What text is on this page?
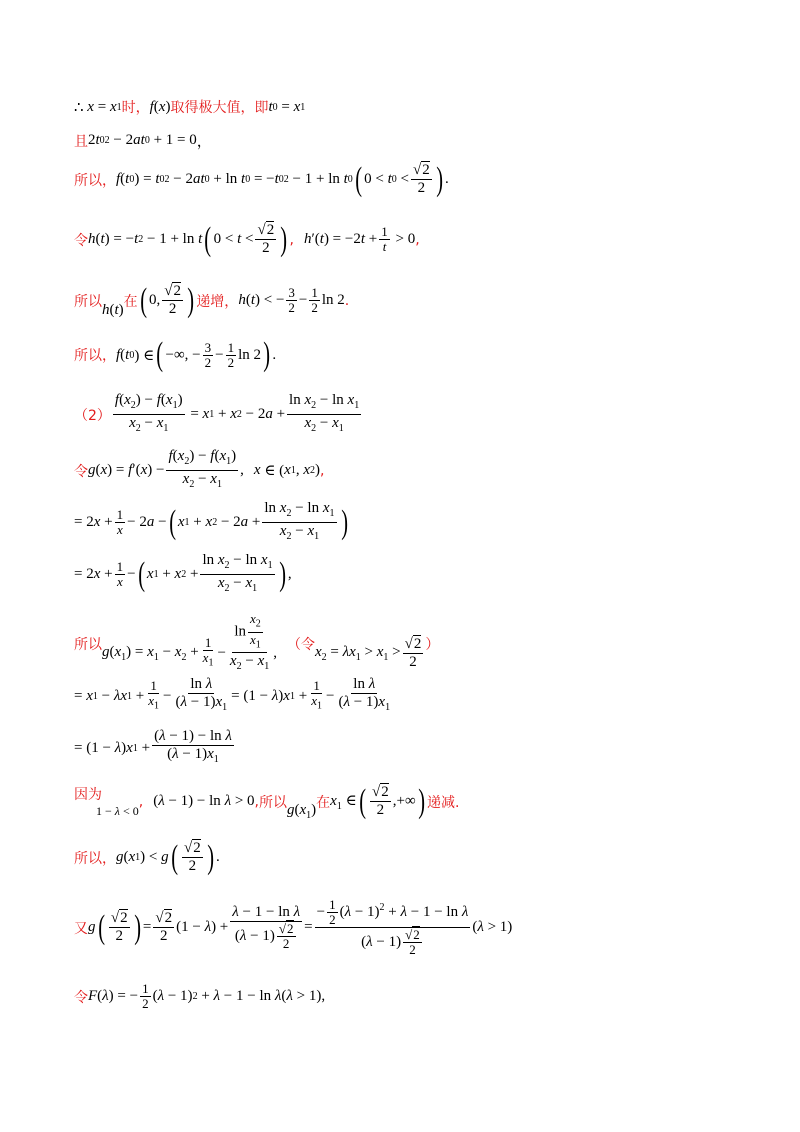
∴ x = x 1 时， f ( x ) 取得极大值，即 t 0 = x 1
且 2 t 0 2 − 2 at 0 + 1 = 0 ，
所以， f ( t 0 ) = t 0 2 − 2 at 0 + ln t 0 = − t 0 2 − 1 + ln t 0 ( 0 < t $0 < \frac{√2}{2}$ ) .
令 h ( t ) = − t 2 − 1 + ln t ( $0 < t < \frac{√2}{2}$ ) , h ′( t ) = −2 $t + \frac{1}{t} > 0$ ,
所以
h(t)
在 ( 0, $\frac{√2}{2}$ ) 递增， h ( t ) < − $\frac{3}{2} - \frac{1}{2}$ ln 2 .
所以， f ( t 0 ) ∈ ( −∞, − $\frac{3}{2} - \frac{1}{2}$ ln 2 ) .
$(2) \frac{f(x_2) - f(x_1)}{x_2 - x_1} = x$ 1 + x 2 − 2 $a + \frac{\ln x_2 - \ln x_1}{x_2 - x_1}$
令 g ( x ) = f ′( x ) − $\frac{f(x_2) - f(x_1)}{x_2 - x_1}$ , x ∈ ( x 1 , x 2 ) ,
= 2 $x + \frac{1}{x} - 2$ a − ( x 1 + x 2 − 2 $a + \frac{\ln x_2 - \ln x_1}{x_2 - x_1}$ )
= 2 $x + \frac{1}{x}$ − ( x 1 + x $2 + \frac{\ln x_2 - \ln x_1}{x_2 - x_1}$ ) ,
所以 $g(x_1) = x_1 - x_2 + \frac{1}{x_1} - \frac{\ln \frac{x_2}{x_1}}{x_2 - x_1}$ ,
（令 $x_2 = \lambda x_1 > x_1 > \frac{√2}{2}$ ）
= x 1 − λx $1 + \frac{1}{x_1} - \frac{\text{ln λ}}{(\lambda - 1)x_1} = (1 - \lambda$ ) x $1 + \frac{1}{x_1} - \frac{\text{ln λ}}{(\lambda - 1)x_1}$
= (1 − λ ) x $1 + \frac{\text{(λ − 1) − ln λ}}{(\lambda - 1)x_1}$
因为
1 − λ < 0
, ( λ − 1) − ln λ > 0 , 所以 $g(x_1)$ 在 $x_1$ ∈ ( $\frac{√2}{2}$ ,+∞ ) 递减.
所以， g ( x 1 ) < g ( $\frac{√2}{2}$ ) .
又 g ( $\frac{√2}{2}$ ) = $\frac{√2}{2} (1 - \lambda$ ) + $\frac{\text{λ − 1 − ln λ}}{(\lambda - 1) \frac{√2}{2}} = \frac{- \frac{1}{2} (\lambda - 1)^2 + \lambda - 1 - \ln \lambda}{(\lambda - 1) \frac{√2}{2}}$ ( λ > 1)
令 F ( λ ) = − $\frac{1}{2}$ ( λ − 1) 2 + λ − 1 − ln λ ( λ > 1),
